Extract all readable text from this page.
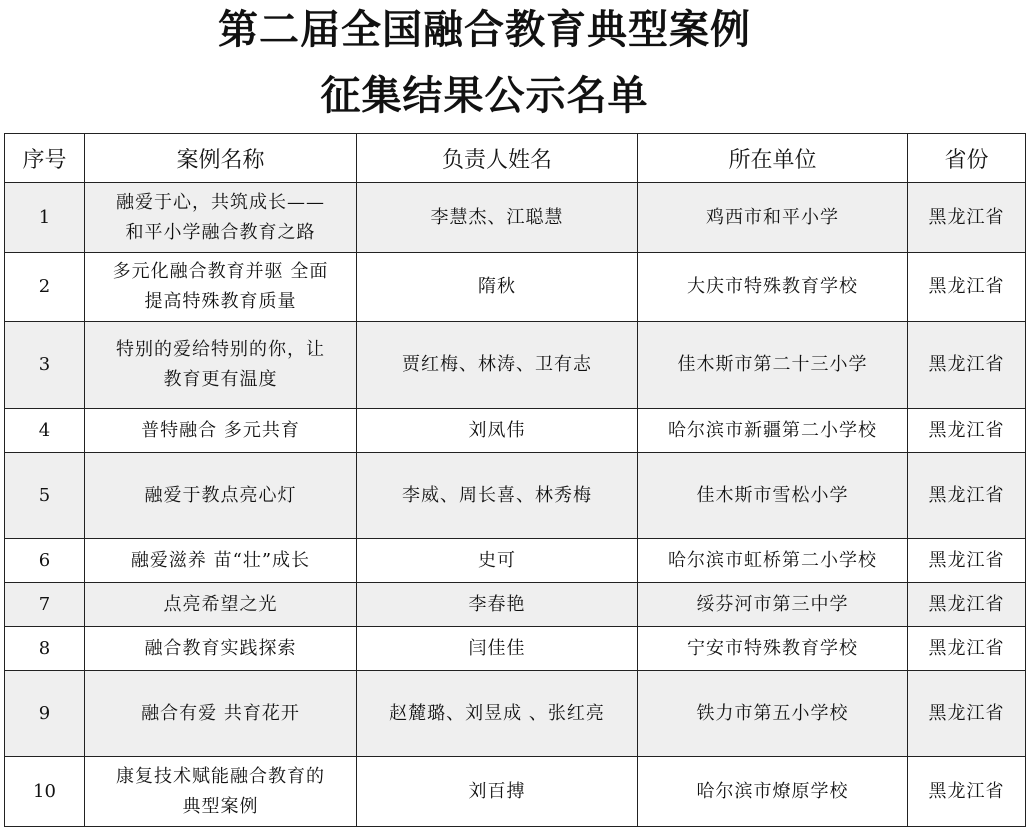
第二届全国融合教育典型案例
征集结果公示名单
序号	案例名称	负责人姓名	所在单位	省份
1	融爱于心，共筑成长——
和平小学融合教育之路	李慧杰、江聪慧	鸡西市和平小学	黑龙江省
2	多元化融合教育并驱 全面
提高特殊教育质量	隋秋	大庆市特殊教育学校	黑龙江省
3	特别的爱给特别的你，让
教育更有温度	贾红梅、林涛、卫有志	佳木斯市第二十三小学	黑龙江省
4	普特融合 多元共育	刘凤伟	哈尔滨市新疆第二小学校	黑龙江省
5	融爱于教点亮心灯	李威、周长喜、林秀梅	佳木斯市雪松小学	黑龙江省
6	融爱滋养 苗“壮”成长	史可	哈尔滨市虹桥第二小学校	黑龙江省
7	点亮希望之光	李春艳	绥芬河市第三中学	黑龙江省
8	融合教育实践探索	闫佳佳	宁安市特殊教育学校	黑龙江省
9	融合有爱 共育花开	赵麓璐、刘昱成 、张红亮	铁力市第五小学校	黑龙江省
10	康复技术赋能融合教育的
典型案例	刘百搏	哈尔滨市燎原学校	黑龙江省
